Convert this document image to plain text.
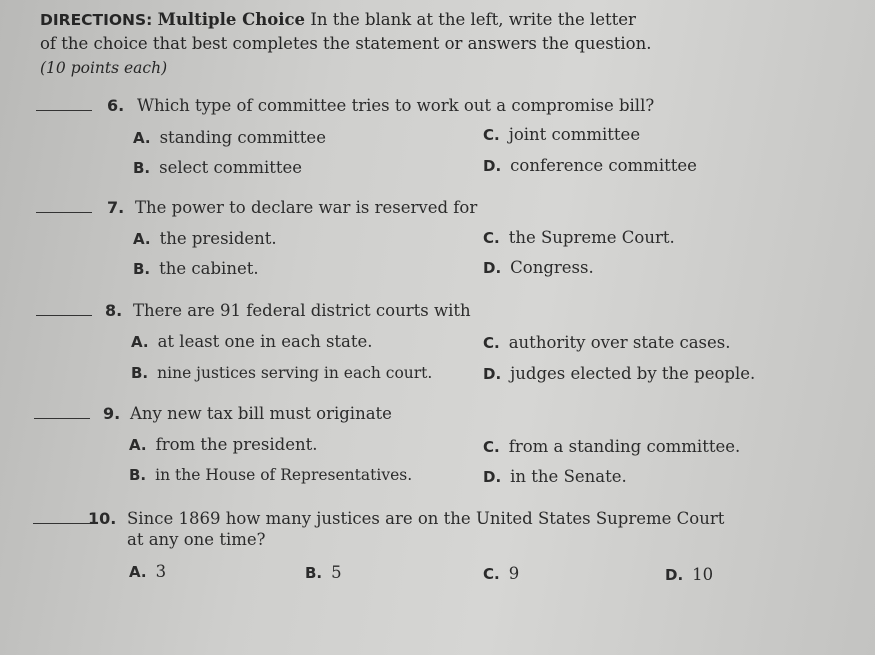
DIRECTIONS: Multiple Choice In the blank at the left, write the letter
of the choice that best completes the statement or answers the question.
(10 points each)
6. Which type of committee tries to work out a compromise bill?
A. standing committee
B. select committee
C. joint committee
D. conference committee
7. The power to declare war is reserved for
A. the president.
B. the cabinet.
C. the Supreme Court.
D. Congress.
8. There are 91 federal district courts with
A. at least one in each state.
B. nine justices serving in each court.
C. authority over state cases.
D. judges elected by the people.
9. Any new tax bill must originate
A. from the president.
B. in the House of Representatives.
C. from a standing committee.
D. in the Senate.
10. Since 1869 how many justices are on the United States Supreme Court
at any one time?
A. 3	B. 5	C. 9	D. 10
